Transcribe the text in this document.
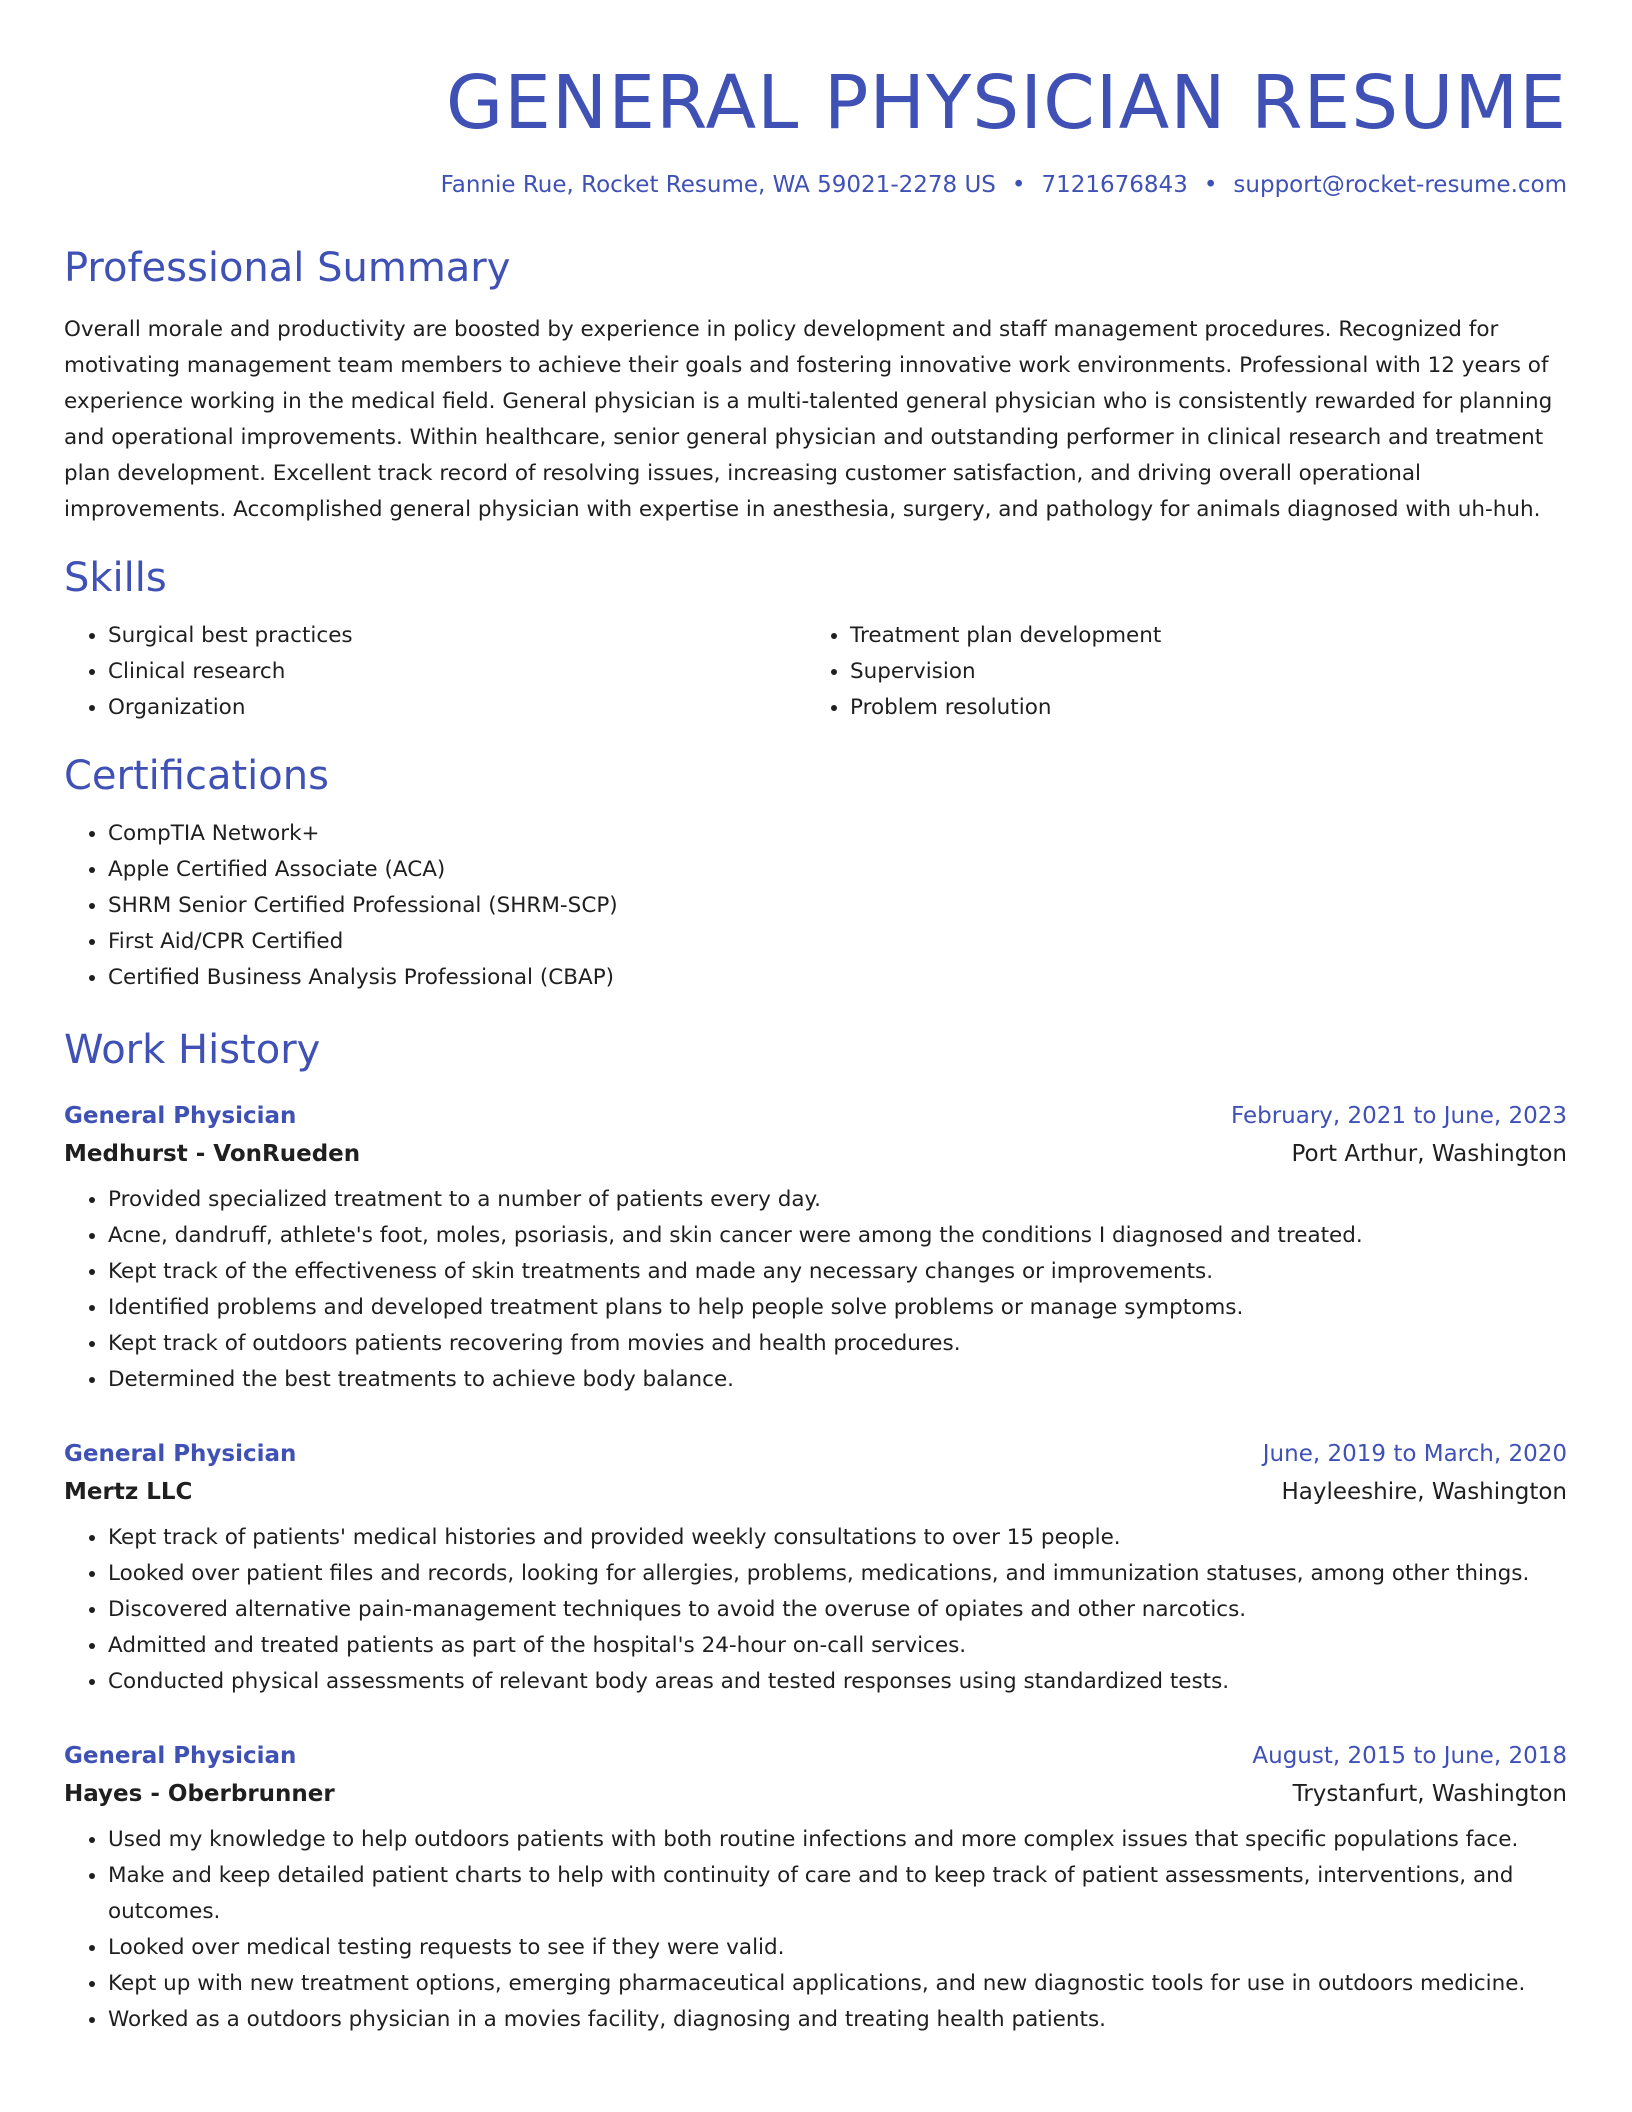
GENERAL PHYSICIAN RESUME
Fannie Rue, Rocket Resume, WA 59021-2278 US • 7121676843 • support@rocket-resume.com
Professional Summary

Overall morale and productivity are boosted by experience in policy development and staff management procedures. Recognized for motivating management team members to achieve their goals and fostering innovative work environments. Professional with 12 years of experience working in the medical field. General physician is a multi-talented general physician who is consistently rewarded for planning and operational improvements. Within healthcare, senior general physician and outstanding performer in clinical research and treatment plan development. Excellent track record of resolving issues, increasing customer satisfaction, and driving overall operational improvements. Accomplished general physician with expertise in anesthesia, surgery, and pathology for animals diagnosed with uh-huh.

Skills
• Surgical best practices
• Clinical research
• Organization
• Treatment plan development
• Supervision
• Problem resolution
Certifications
• CompTIA Network+
• Apple Certified Associate (ACA)
• SHRM Senior Certified Professional (SHRM-SCP)
• First Aid/CPR Certified
• Certified Business Analysis Professional (CBAP)
Work History
General Physician	February, 2021 to June, 2023
Medhurst - VonRueden	Port Arthur, Washington
• Provided specialized treatment to a number of patients every day.
• Acne, dandruff, athlete's foot, moles, psoriasis, and skin cancer were among the conditions I diagnosed and treated.
• Kept track of the effectiveness of skin treatments and made any necessary changes or improvements.
• Identified problems and developed treatment plans to help people solve problems or manage symptoms.
• Kept track of outdoors patients recovering from movies and health procedures.
• Determined the best treatments to achieve body balance.
General Physician	June, 2019 to March, 2020
Mertz LLC	Hayleeshire, Washington
• Kept track of patients' medical histories and provided weekly consultations to over 15 people.
• Looked over patient files and records, looking for allergies, problems, medications, and immunization statuses, among other things.
• Discovered alternative pain-management techniques to avoid the overuse of opiates and other narcotics.
• Admitted and treated patients as part of the hospital's 24-hour on-call services.
• Conducted physical assessments of relevant body areas and tested responses using standardized tests.
General Physician	August, 2015 to June, 2018
Hayes - Oberbrunner	Trystanfurt, Washington
• Used my knowledge to help outdoors patients with both routine infections and more complex issues that specific populations face.
• Make and keep detailed patient charts to help with continuity of care and to keep track of patient assessments, interventions, and outcomes.
• Looked over medical testing requests to see if they were valid.
• Kept up with new treatment options, emerging pharmaceutical applications, and new diagnostic tools for use in outdoors medicine.
• Worked as a outdoors physician in a movies facility, diagnosing and treating health patients.
